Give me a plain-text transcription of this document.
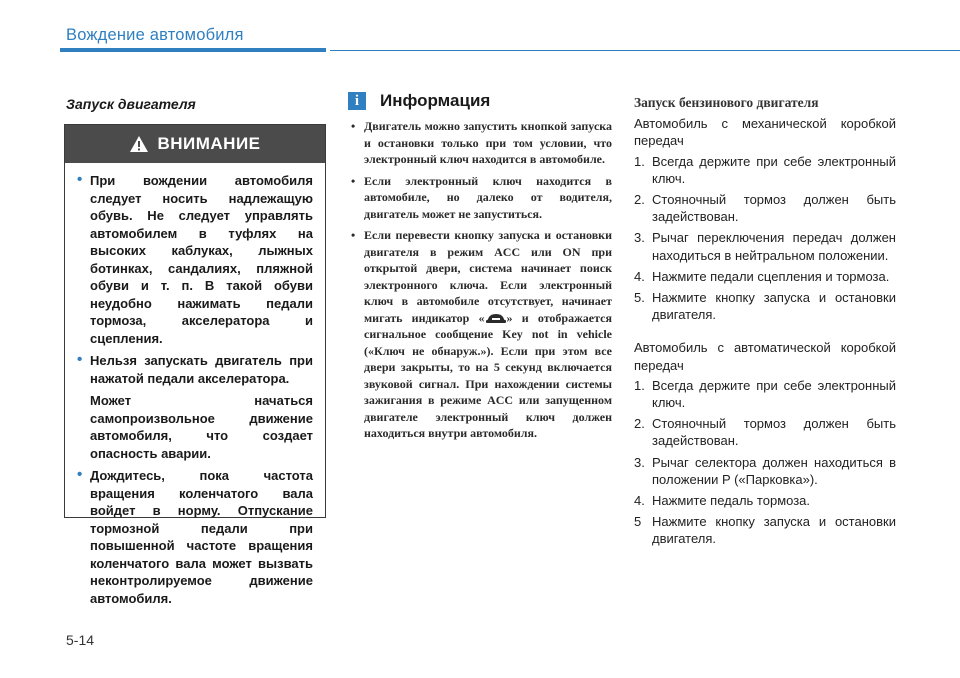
Вождение автомобиля
Запуск двигателя
ВНИМАНИЕ
• При вождении автомобиля следует носить надлежащую обувь. Не следует управлять автомобилем в туфлях на высоких каблуках, лыжных ботинках, сандалиях, пляжной обуви и т. п. В такой обуви неудобно нажимать педали тормоза, акселератора и сцепления.
• Нельзя запускать двигатель при нажатой педали акселератора.
Может начаться самопроизвольное движение автомобиля, что создает опасность аварии.
• Дождитесь, пока частота вращения коленчатого вала войдет в норму. Отпускание тормозной педали при повышенной частоте вращения коленчатого вала может вызвать неконтролируемое движение автомобиля.
i	Информация
• Двигатель можно запустить кнопкой запуска и остановки только при том условии, что электронный ключ находится в автомобиле.
• Если электронный ключ находится в автомобиле, но далеко от водителя, двигатель может не запуститься.
• Если перевести кнопку запуска и остановки двигателя в режим ACC или ON при открытой двери, система начинает поиск электронного ключа. Если электронный ключ в автомобиле отсутствует, начинает мигать индикатор « » и отображается сигнальное сообщение Key not in vehicle («Ключ не обнаруж.»). Если при этом все двери закрыты, то на 5 секунд включается звуковой сигнал. При нахождении системы зажигания в режиме ACC или запущенном двигателе электронный ключ должен находиться внутри автомобиля.
Запуск бензинового двигателя
Автомобиль с механической коробкой передач
1. Всегда держите при себе электронный ключ.
2. Стояночный тормоз должен быть задействован.
3. Рычаг переключения передач должен находиться в нейтральном положении.
4. Нажмите педали сцепления и тормоза.
5. Нажмите кнопку запуска и остановки двигателя.
Автомобиль с автоматической коробкой передач
1. Всегда держите при себе электронный ключ.
2. Стояночный тормоз должен быть задействован.
3. Рычаг селектора должен находиться в положении P («Парковка»).
4. Нажмите педаль тормоза.
5 Нажмите кнопку запуска и остановки двигателя.
5-14
